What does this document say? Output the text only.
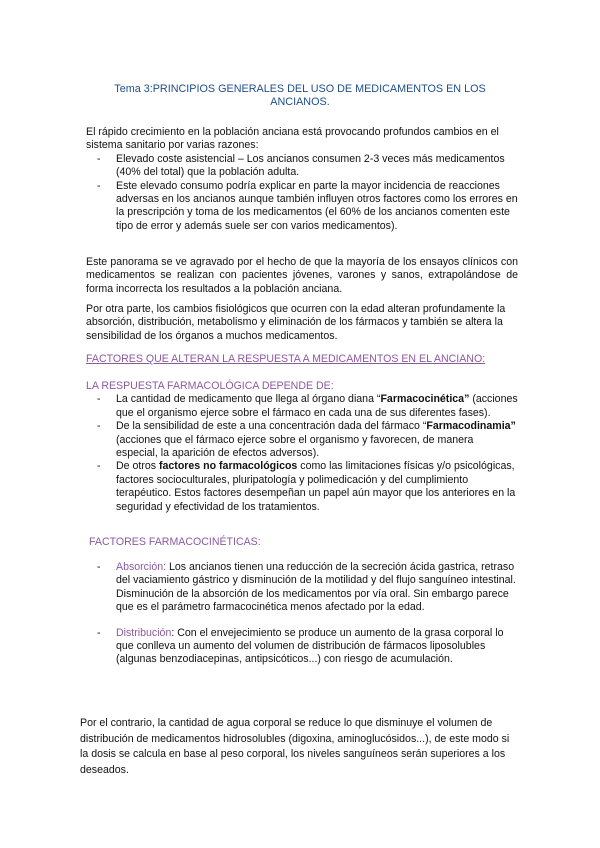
Tema 3:PRINCIPIOS GENERALES DEL USO DE MEDICAMENTOS EN LOS ANCIANOS.

El rápido crecimiento en la población anciana está provocando profundos cambios en el sistema sanitario por varias razones:

- Elevado coste asistencial – Los ancianos consumen 2-3 veces más medicamentos (40% del total) que la población adulta.
- Este elevado consumo podría explicar en parte la mayor incidencia de reacciones adversas en los ancianos aunque también influyen otros factores como los errores en la prescripción y toma de los medicamentos (el 60% de los ancianos comenten este tipo de error y además suele ser con varios medicamentos).

Este panorama se ve agravado por el hecho de que la mayoría de los ensayos clínicos con medicamentos se realizan con pacientes jóvenes, varones y sanos, extrapolándose de forma incorrecta los resultados a la población anciana.

Por otra parte, los cambios fisiológicos que ocurren con la edad alteran profundamente la absorción, distribución, metabolismo y eliminación de los fármacos y también se altera la sensibilidad de los órganos a muchos medicamentos.

FACTORES QUE ALTERAN LA RESPUESTA A MEDICAMENTOS EN EL ANCIANO:
LA RESPUESTA FARMACOLÓGICA DEPENDE DE:
- La cantidad de medicamento que llega al órgano diana “Farmacocinética” (acciones que el organismo ejerce sobre el fármaco en cada una de sus diferentes fases).
- De la sensibilidad de este a una concentración dada del fármaco “Farmacodinamia” (acciones que el fármaco ejerce sobre el organismo y favorecen, de manera especial, la aparición de efectos adversos).
- De otros factores no farmacológicos como las limitaciones físicas y/o psicológicas, factores socioculturales, pluripatología y polimedicación y del cumplimiento terapéutico. Estos factores desempeñan un papel aún mayor que los anteriores en la seguridad y efectividad de los tratamientos.
FACTORES FARMACOCINÉTICAS:
- Absorción: Los ancianos tienen una reducción de la secreción ácida gastrica, retraso del vaciamiento gástrico y disminución de la motilidad y del flujo sanguíneo intestinal. Disminución de la absorción de los medicamentos por vía oral. Sin embargo parece que es el parámetro farmacocinética menos afectado por la edad.
- Distribución: Con el envejecimiento se produce un aumento de la grasa corporal lo que conlleva un aumento del volumen de distribución de fármacos liposolubles (algunas benzodiacepinas, antipsicóticos...) con riesgo de acumulación.

Por el contrario, la cantidad de agua corporal se reduce lo que disminuye el volumen de distribución de medicamentos hidrosolubles (digoxina, aminoglucósidos...), de este modo si la dosis se calcula en base al peso corporal, los niveles sanguíneos serán superiores a los deseados.
